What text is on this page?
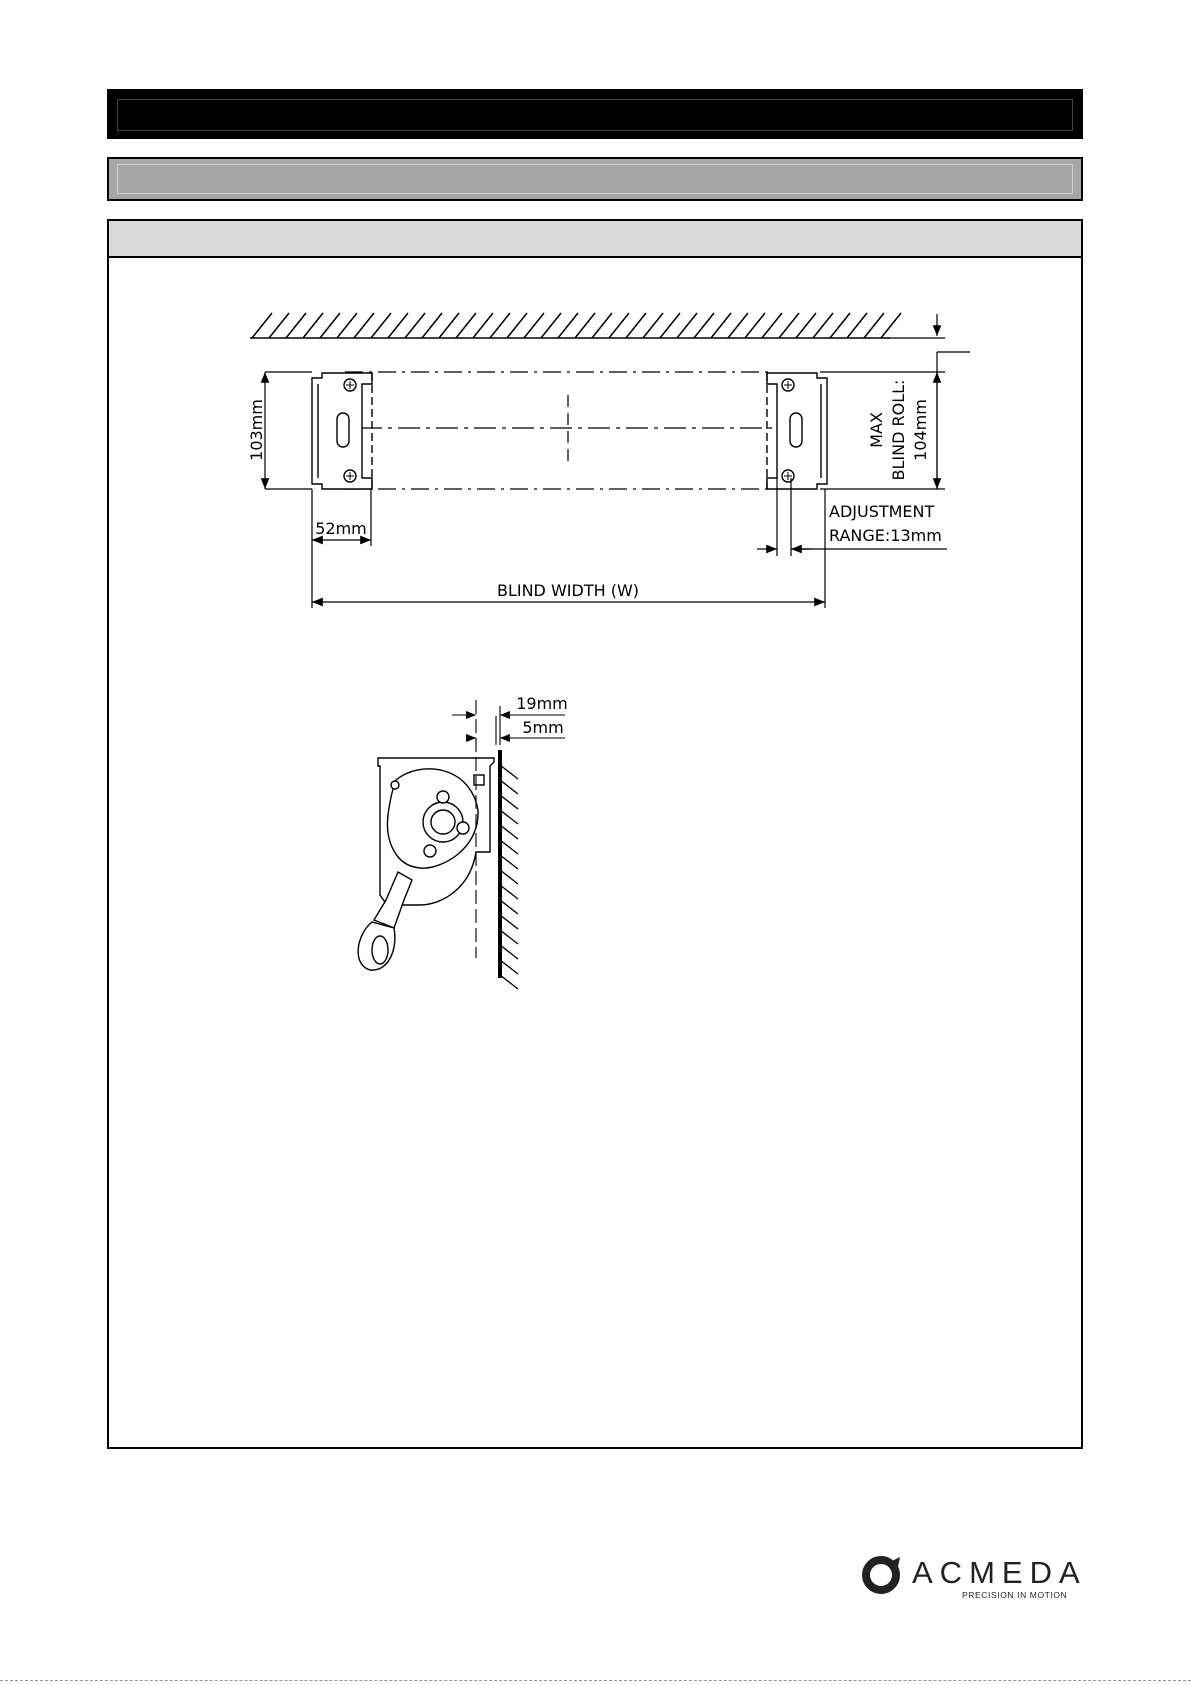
103mm
52mm
BLIND WIDTH (W)
ADJUSTMENT
RANGE:13mm
MAX BLIND ROLL: 104mm
19mm
5mm
ACMEDA
PRECISION IN MOTION
